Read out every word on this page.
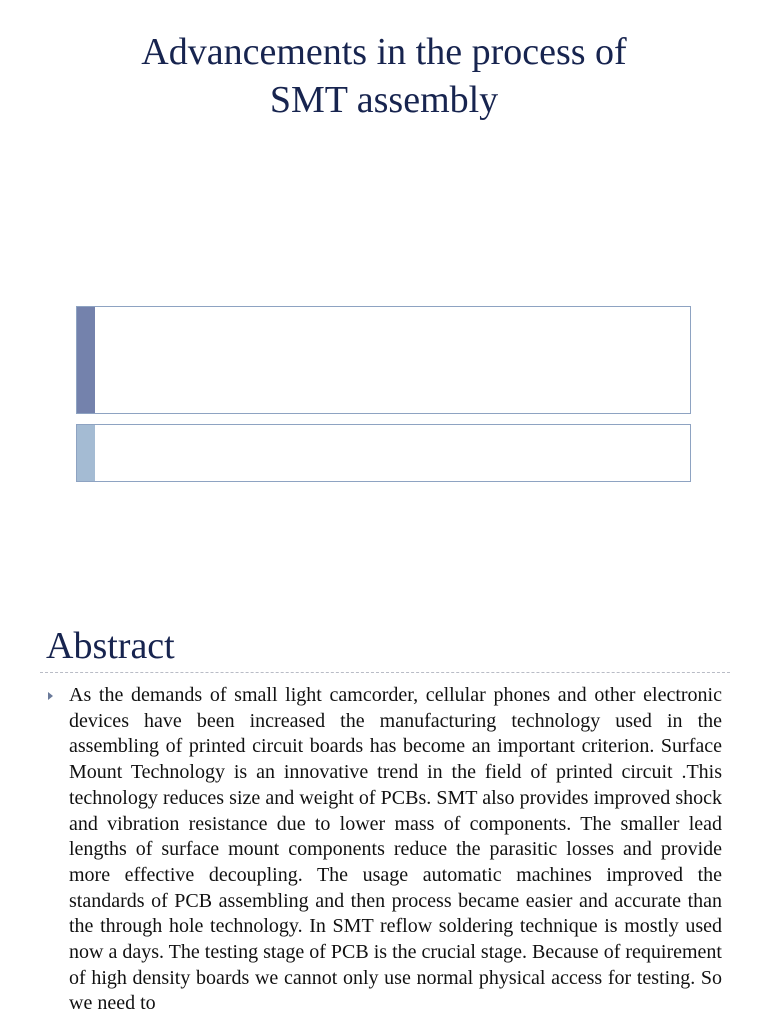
Advancements in the process of
SMT assembly
Abstract

As the demands of small light camcorder, cellular phones and other electronic devices have been increased the manufacturing technology used in the assembling of printed circuit boards has become an important criterion. Surface Mount Technology is an innovative trend in the field of printed circuit .This technology reduces size and weight of PCBs. SMT also provides improved shock and vibration resistance due to lower mass of components. The smaller lead lengths of surface mount components reduce the parasitic losses and provide more effective decoupling. The usage automatic machines improved the standards of PCB assembling and then process became easier and accurate than the through hole technology. In SMT reflow soldering technique is mostly used now a days. The testing stage of PCB is the crucial stage. Because of requirement of high density boards we cannot only use normal physical access for testing. So we need to
